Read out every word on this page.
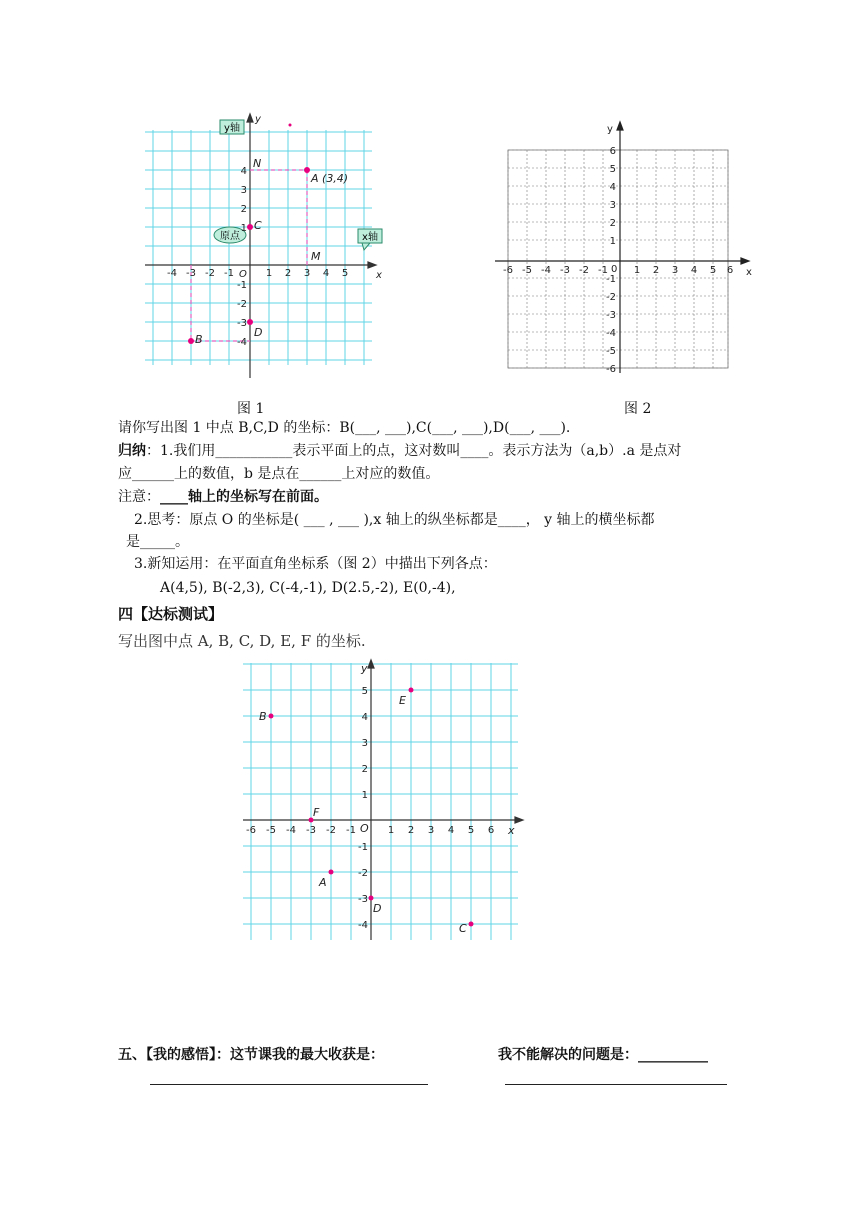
y轴
x轴
原点
x
y
O
A (3,4)
B
C
D
M
N
-4 -3 -2 -1	1 2 3 4 5
4
3
2
1
-1
-2
-3
-4
x
y
0
-6 -5 -4 -3 -2 -1	1 2 3 4 5 6
6
5
4
3
2
1
-1
-2
-3
-4
-5
-6
图 1	图 2
请你写出图 1 中点 B,C,D 的坐标：B(___, ___),C(___, ___),D(___, ___).
归纳：1.我们用___________表示平面上的点，这对数叫____。表示方法为（a,b）.a 是点对
应______上的数值，b 是点在______上对应的数值。
注意：____轴上的坐标写在前面。
2.思考：原点 O 的坐标是( ___ , ___ ),x 轴上的纵坐标都是____， y 轴上的横坐标都
是_____。
3.新知运用：在平面直角坐标系（图 2）中描出下列各点：
A(4,5), B(-2,3), C(-4,-1), D(2.5,-2), E(0,-4),
四【达标测试】
写出图中点 A, B, C, D, E, F 的坐标.
x
y
O
A
B
C
D
E
F
-6 -5 -4 -3 -2 -1	1 2 3 4 5 6
5
4
3
2
1
-1
-2
-3
-4
五、【我的感悟】：这节课我的最大收获是：	我不能解决的问题是：__________
